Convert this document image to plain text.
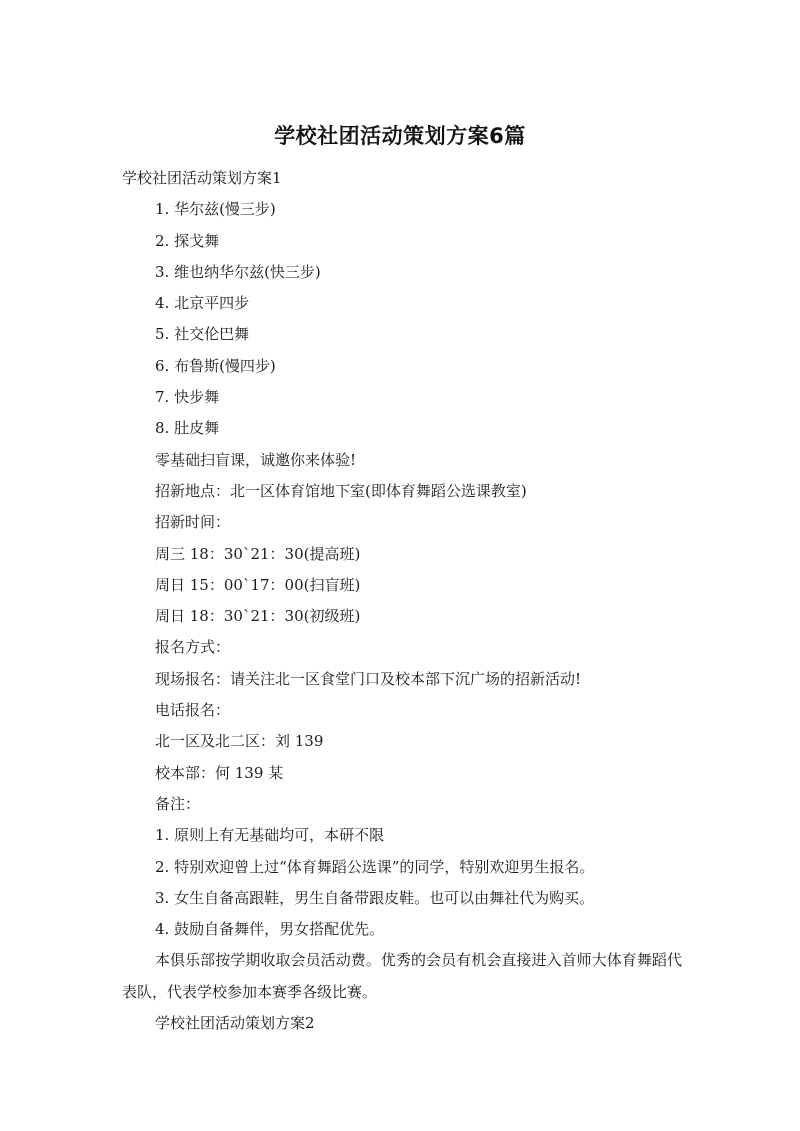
学校社团活动策划方案6篇
学校社团活动策划方案1
1. 华尔兹(慢三步)
2. 探戈舞
3. 维也纳华尔兹(快三步)
4. 北京平四步
5. 社交伦巴舞
6. 布鲁斯(慢四步)
7. 快步舞
8. 肚皮舞
零基础扫盲课，诚邀你来体验!
招新地点：北一区体育馆地下室(即体育舞蹈公选课教室)
招新时间：
周三 18：30`21：30(提高班)
周日 15：00`17：00(扫盲班)
周日 18：30`21：30(初级班)
报名方式：
现场报名：请关注北一区食堂门口及校本部下沉广场的招新活动!
电话报名：
北一区及北二区：刘 139
校本部：何 139 某
备注：
1. 原则上有无基础均可，本研不限
2. 特别欢迎曾上过“体育舞蹈公选课”的同学，特别欢迎男生报名。
3. 女生自备高跟鞋，男生自备带跟皮鞋。也可以由舞社代为购买。
4. 鼓励自备舞伴，男女搭配优先。
本俱乐部按学期收取会员活动费。优秀的会员有机会直接进入首师大体育舞蹈代表队，代表学校参加本赛季各级比赛。
学校社团活动策划方案2
